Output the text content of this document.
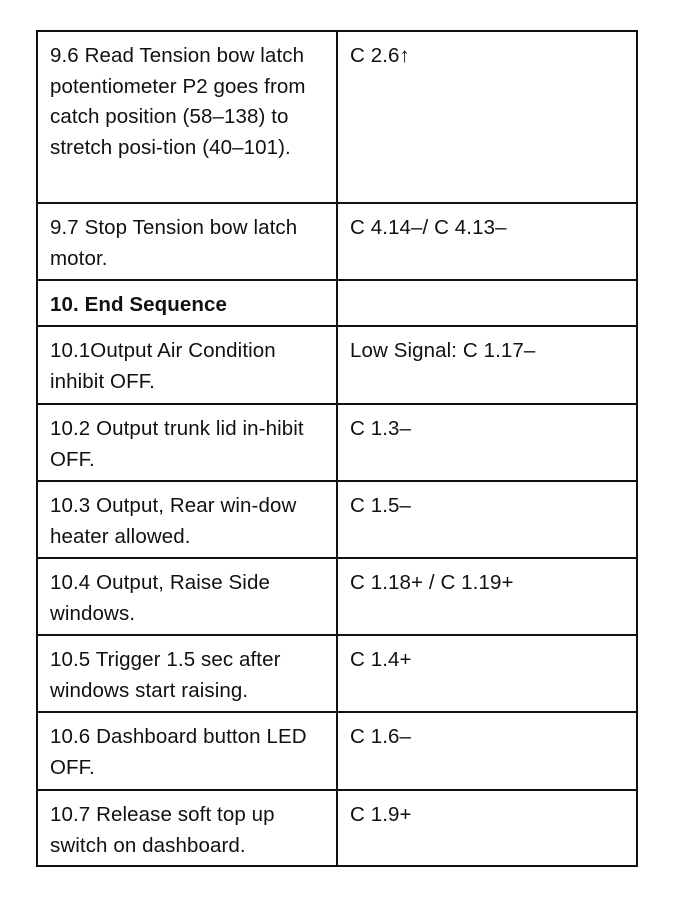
9.6 Read Tension bow latch potentiometer P2 goes from catch position (58–138) to stretch posi-tion (40–101).	C 2.6↑
9.7 Stop Tension bow latch motor.	C 4.14–/ C 4.13–
10. End Sequence	
10.1Output Air Condition inhibit OFF.	Low Signal: C 1.17–
10.2 Output trunk lid in-hibit OFF.	C 1.3–
10.3 Output, Rear win-dow heater allowed.	C 1.5–
10.4 Output, Raise Side windows.	C 1.18+ / C 1.19+
10.5 Trigger 1.5 sec after windows start raising.	C 1.4+
10.6 Dashboard button LED OFF.	C 1.6–
10.7 Release soft top up switch on dashboard.	C 1.9+
